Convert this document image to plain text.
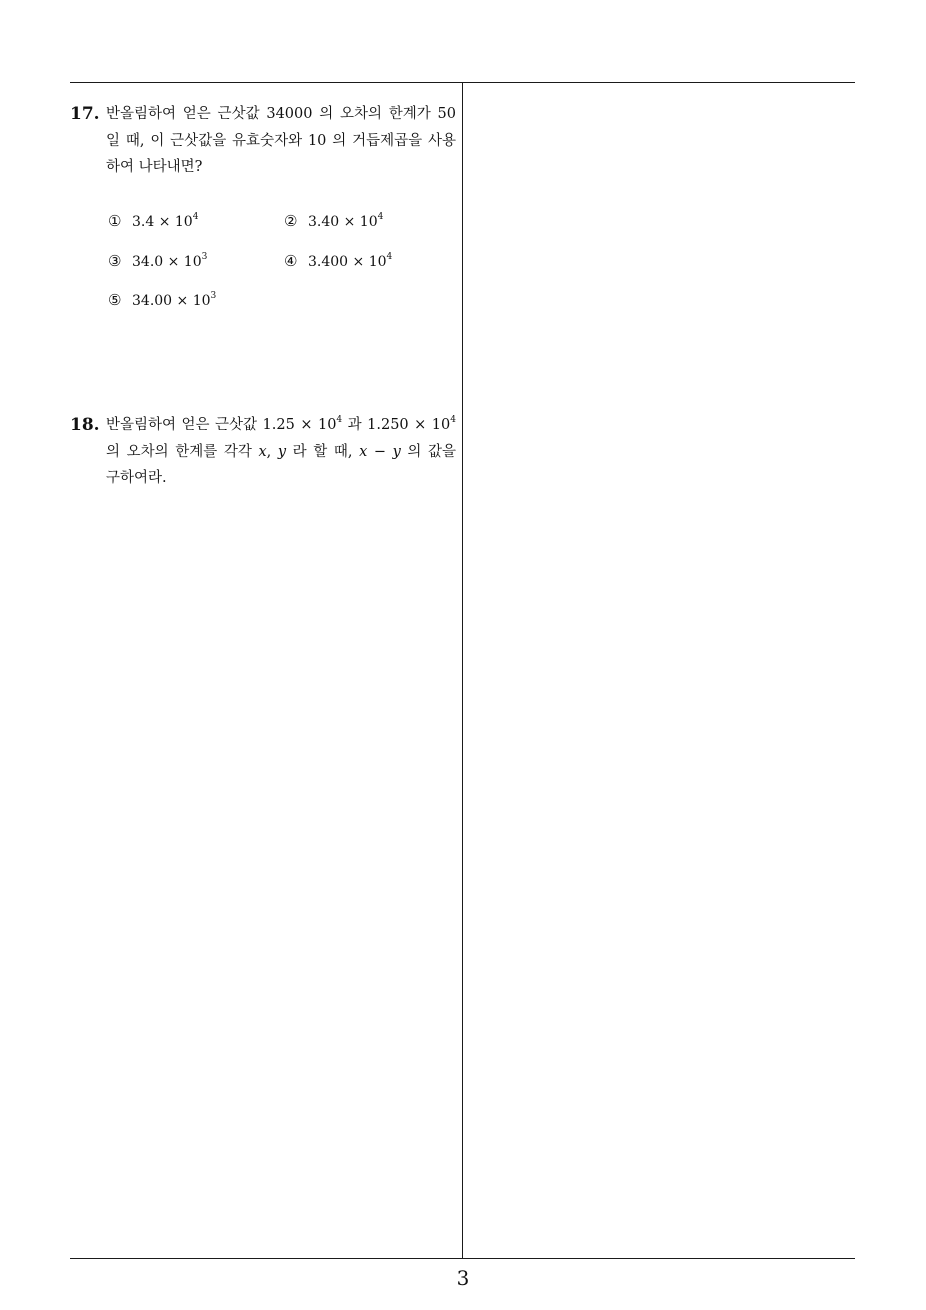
17. 반올림하여 얻은 근삿값 34000 의 오차의 한계가 50
일 때, 이 근삿값을 유효숫자와 10 의 거듭제곱을 사용
하여 나타내면?
① $3.4 \times 10^4$	② $3.40 \times 10^4$
③ $34.0 \times 10^3$	④ $3.400 \times 10^4$
⑤ $34.00 \times 10^3$
18. 반올림하여 얻은 근삿값 $1.25 \times 10^4$ 과 $1.250 \times 10^4$
의 오차의 한계를 각각 x, y 라 할 때, x − y 의 값을
구하여라.
3
